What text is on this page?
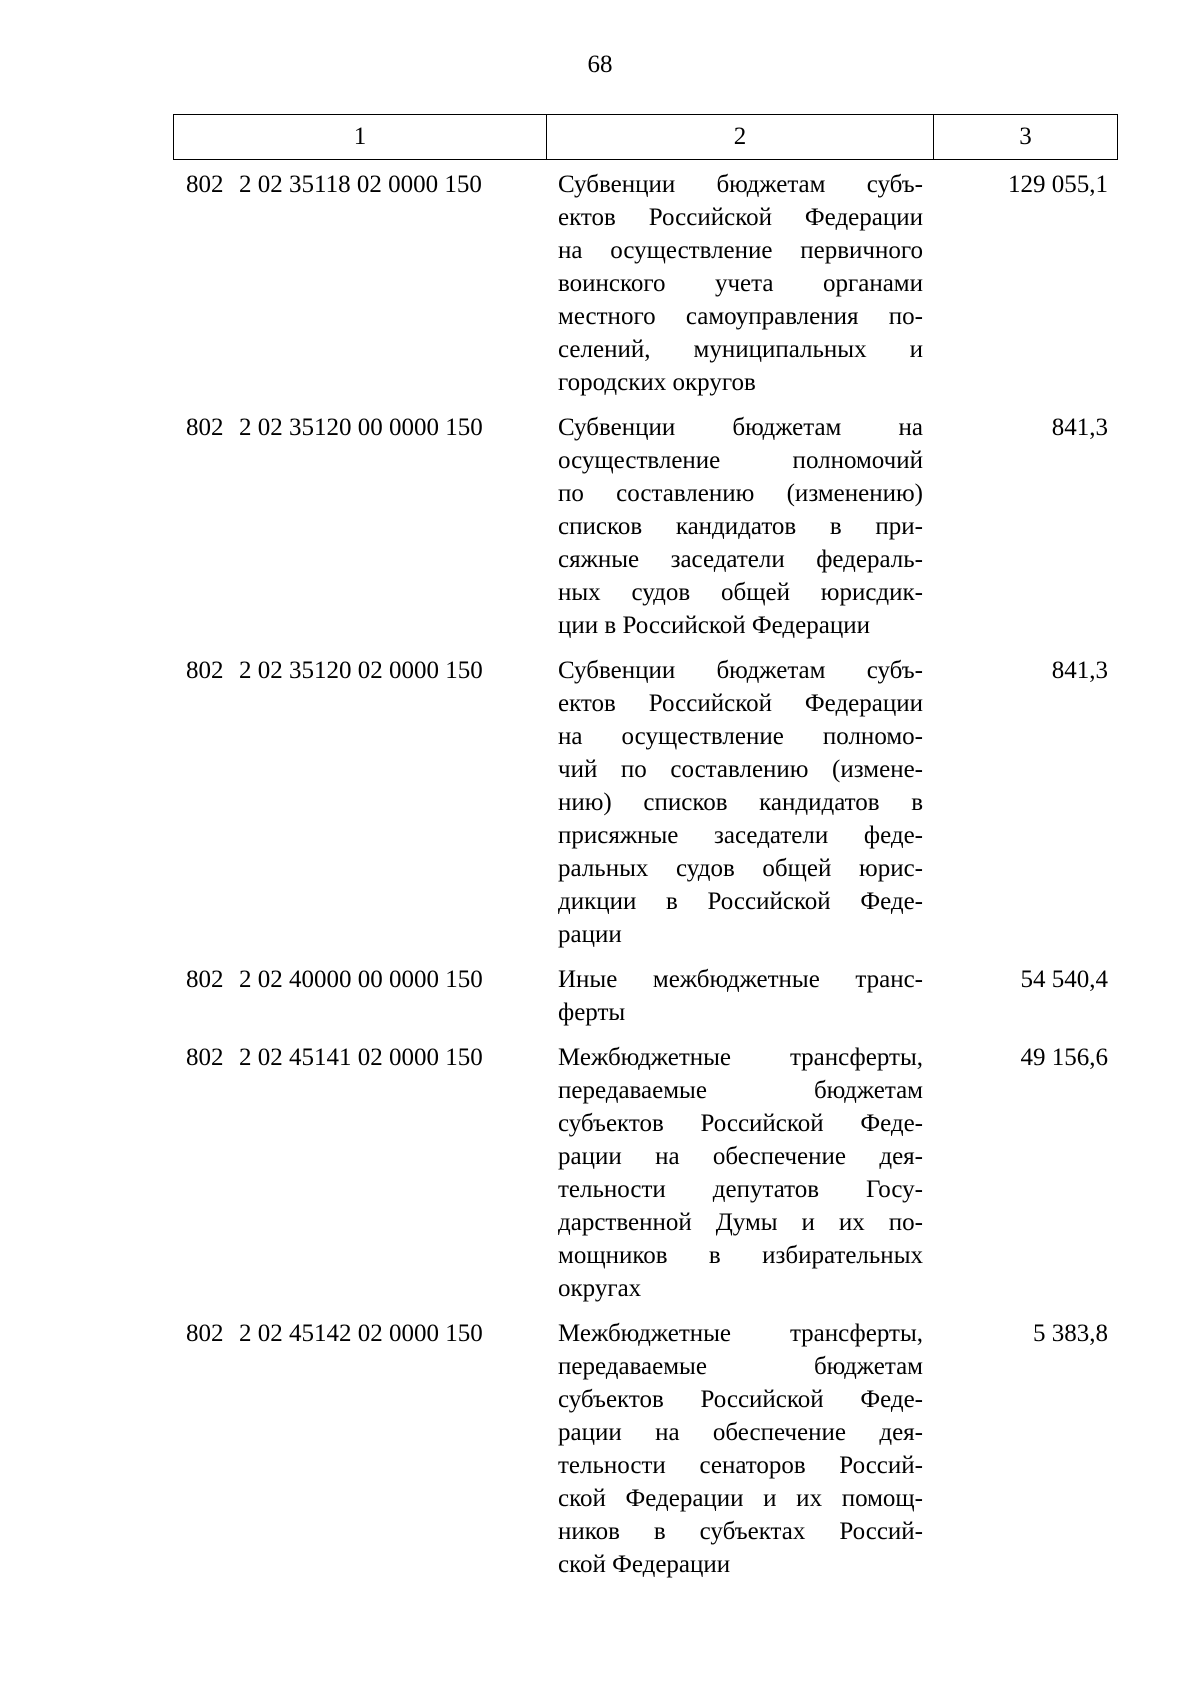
68
1	2	3
802 2 02 35118 02 0000 150	Субвенции бюджетам субъ-
ектов Российской Федерации
на осуществление первичного
воинского учета органами
местного самоуправления по-
селений, муниципальных и
городских округов
129 055,1
802 2 02 35120 00 0000 150	Субвенции бюджетам на
осуществление полномочий
по составлению (изменению)
списков кандидатов в при-
сяжные заседатели федераль-
ных судов общей юрисдик-
ции в Российской Федерации
841,3
802 2 02 35120 02 0000 150	Субвенции бюджетам субъ-
ектов Российской Федерации
на осуществление полномо-
чий по составлению (измене-
нию) списков кандидатов в
присяжные заседатели феде-
ральных судов общей юрис-
дикции в Российской Феде-
рации
841,3
802 2 02 40000 00 0000 150	Иные межбюджетные транс-
ферты
54 540,4
802 2 02 45141 02 0000 150	Межбюджетные трансферты,
передаваемые бюджетам
субъектов Российской Феде-
рации на обеспечение дея-
тельности депутатов Госу-
дарственной Думы и их по-
мощников в избирательных
округах
49 156,6
802 2 02 45142 02 0000 150	Межбюджетные трансферты,
передаваемые бюджетам
субъектов Российской Феде-
рации на обеспечение дея-
тельности сенаторов Россий-
ской Федерации и их помощ-
ников в субъектах Россий-
ской Федерации
5 383,8
